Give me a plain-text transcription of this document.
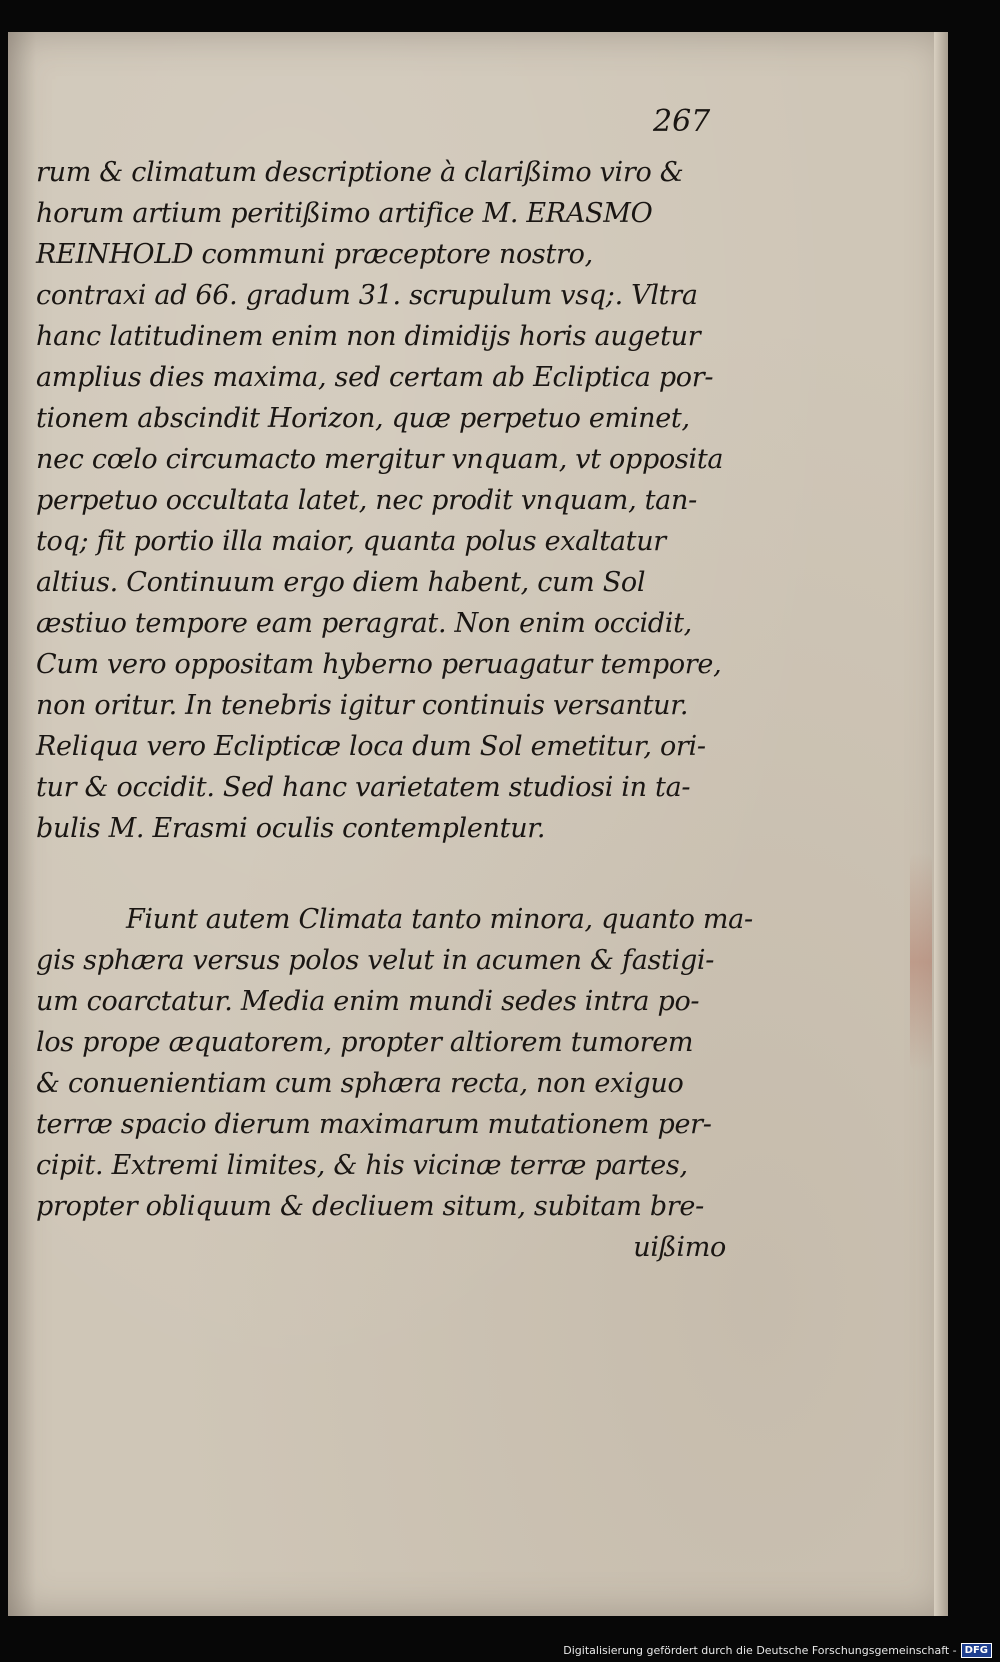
267
rum & climatum descriptione à clarißimo viro &
horum artium peritißimo artifice M. ERASMO
REINHOLD communi præceptore nostro,
contraxi ad 66. gradum 31. scrupulum vsq;. Vltra
hanc latitudinem enim non dimidijs horis augetur
amplius dies maxima, sed certam ab Ecliptica por-
tionem abscindit Horizon, quæ perpetuo eminet,
nec cœlo circumacto mergitur vnquam, vt opposita
perpetuo occultata latet, nec prodit vnquam, tan-
toq; fit portio illa maior, quanta polus exaltatur
altius. Continuum ergo diem habent, cum Sol
æstiuo tempore eam peragrat. Non enim occidit,
Cum vero oppositam hyberno peruagatur tempore,
non oritur. In tenebris igitur continuis versantur.
Reliqua vero Eclipticæ loca dum Sol emetitur, ori-
tur & occidit. Sed hanc varietatem studiosi in ta-
bulis M. Erasmi oculis contemplentur.
Fiunt autem Climata tanto minora, quanto ma-
gis sphæra versus polos velut in acumen & fastigi-
um coarctatur. Media enim mundi sedes intra po-
los prope æquatorem, propter altiorem tumorem
& conuenientiam cum sphæra recta, non exiguo
terræ spacio dierum maximarum mutationem per-
cipit. Extremi limites, & his vicinæ terræ partes,
propter obliquum & decliuem situm, subitam bre-
uißimo
Digitalisierung gefördert durch die Deutsche Forschungsgemeinschaft - DFG
